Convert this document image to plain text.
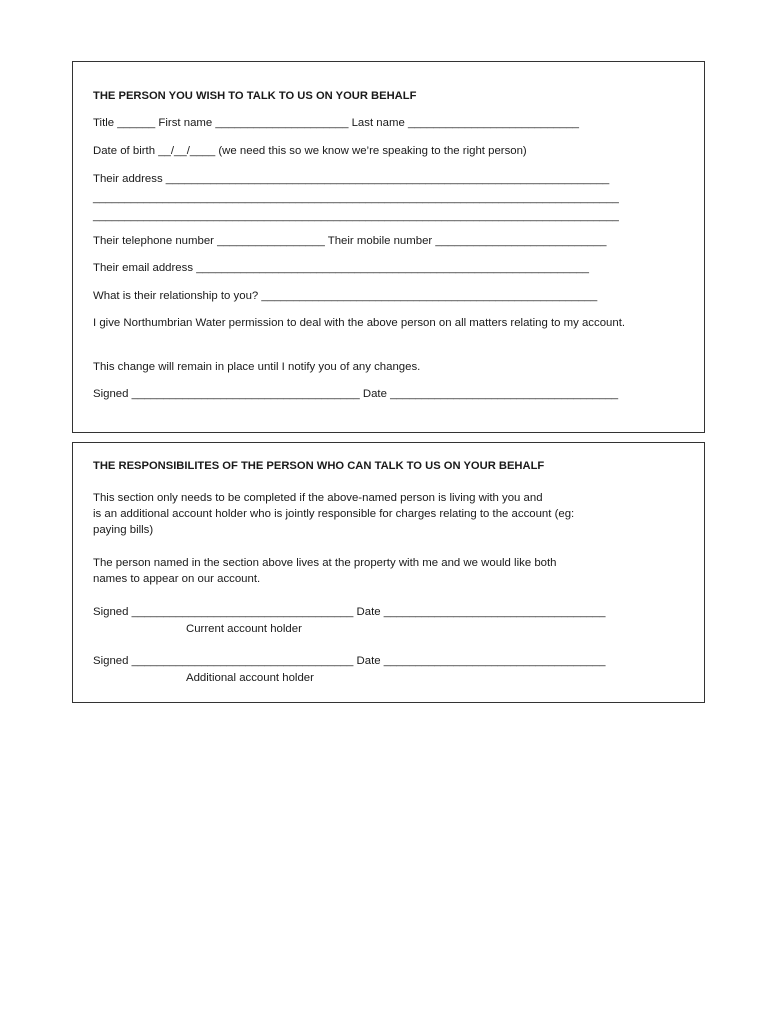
THE PERSON YOU WISH TO TALK TO US ON YOUR BEHALF
Title ______ First name _____________________ Last name ___________________________
Date of birth __/__/____ (we need this so we know we’re speaking to the right person)
Their address ______________________________________________________________________
___________________________________________________________________________________
___________________________________________________________________________________
Their telephone number _________________ Their mobile number ___________________________
Their email address ______________________________________________________________
What is their relationship to you? _____________________________________________________
I give Northumbrian Water permission to deal with the above person on all matters relating to my account.
This change will remain in place until I notify you of any changes.
Signed ____________________________________ Date ____________________________________
THE RESPONSIBILITES OF THE PERSON WHO CAN TALK TO US ON YOUR BEHALF
This section only needs to be completed if the above-named person is living with you and
is an additional account holder who is jointly responsible for charges relating to the account (eg:
paying bills)
The person named in the section above lives at the property with me and we would like both
names to appear on our account.
Signed ___________________________________ Date ___________________________________
Current account holder
Signed ___________________________________ Date ___________________________________
Additional account holder
